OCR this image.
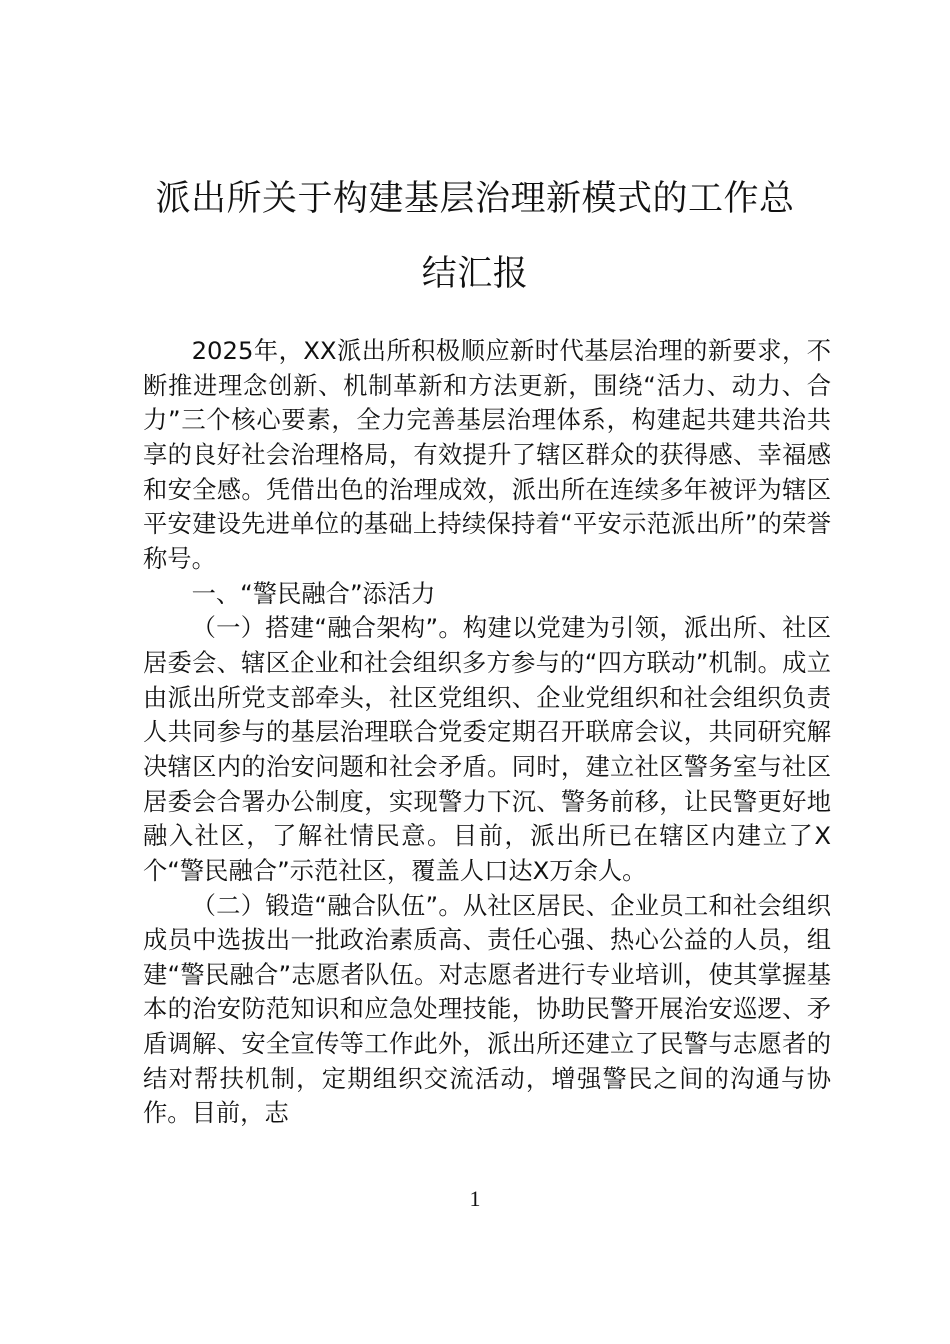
派出所关于构建基层治理新模式的工作总
结汇报

2025年，XX派出所积极顺应新时代基层治理的新要求，不断推进理念创新、机制革新和方法更新，围绕“活力、动力、合力”三个核心要素，全力完善基层治理体系，构建起共建共治共享的良好社会治理格局，有效提升了辖区群众的获得感、幸福感和安全感。凭借出色的治理成效，派出所在连续多年被评为辖区平安建设先进单位的基础上持续保持着“平安示范派出所”的荣誉称号。

一、“警民融合”添活力

（一）搭建“融合架构”。构建以党建为引领，派出所、社区居委会、辖区企业和社会组织多方参与的“四方联动”机制。成立由派出所党支部牵头，社区党组织、企业党组织和社会组织负责人共同参与的基层治理联合党委定期召开联席会议，共同研究解决辖区内的治安问题和社会矛盾。同时，建立社区警务室与社区居委会合署办公制度，实现警力下沉、警务前移，让民警更好地融入社区，了解社情民意。目前，派出所已在辖区内建立了X个“警民融合”示范社区，覆盖人口达X万余人。

（二）锻造“融合队伍”。从社区居民、企业员工和社会组织成员中选拔出一批政治素质高、责任心强、热心公益的人员，组建“警民融合”志愿者队伍。对志愿者进行专业培训，使其掌握基本的治安防范知识和应急处理技能，协助民警开展治安巡逻、矛盾调解、安全宣传等工作此外，派出所还建立了民警与志愿者的结对帮扶机制，定期组织交流活动，增强警民之间的沟通与协作。目前，志

1
